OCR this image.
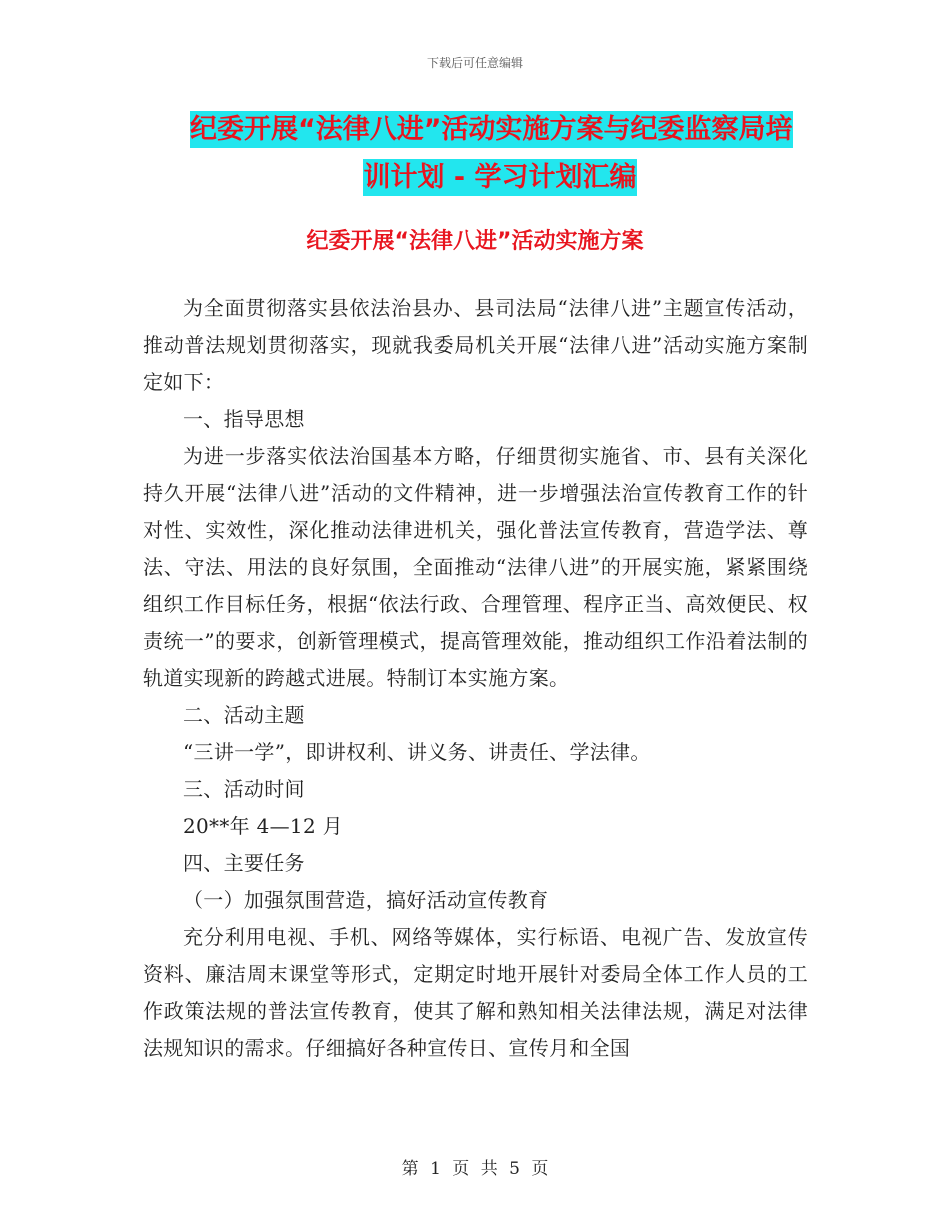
下载后可任意编辑
纪委开展“法律八进”活动实施方案与纪委监察局培
训计划 - 学习计划汇编
纪委开展“法律八进”活动实施方案

为全面贯彻落实县依法治县办、县司法局“法律八进”主题宣传活动，推动普法规划贯彻落实，现就我委局机关开展“法律八进”活动实施方案制定如下：

一、指导思想

为进一步落实依法治国基本方略，仔细贯彻实施省、市、县有关深化持久开展“法律八进”活动的文件精神，进一步增强法治宣传教育工作的针对性、实效性，深化推动法律进机关，强化普法宣传教育，营造学法、尊法、守法、用法的良好氛围，全面推动“法律八进”的开展实施，紧紧围绕组织工作目标任务，根据“依法行政、合理管理、程序正当、高效便民、权责统一”的要求，创新管理模式，提高管理效能，推动组织工作沿着法制的轨道实现新的跨越式进展。特制订本实施方案。

二、活动主题

“三讲一学”，即讲权利、讲义务、讲责任、学法律。

三、活动时间

20**年 4—12 月

四、主要任务

（一）加强氛围营造，搞好活动宣传教育

充分利用电视、手机、网络等媒体，实行标语、电视广告、发放宣传资料、廉洁周末课堂等形式，定期定时地开展针对委局全体工作人员的工作政策法规的普法宣传教育，使其了解和熟知相关法律法规，满足对法律法规知识的需求。仔细搞好各种宣传日、宣传月和全国

第 1 页 共 5 页
